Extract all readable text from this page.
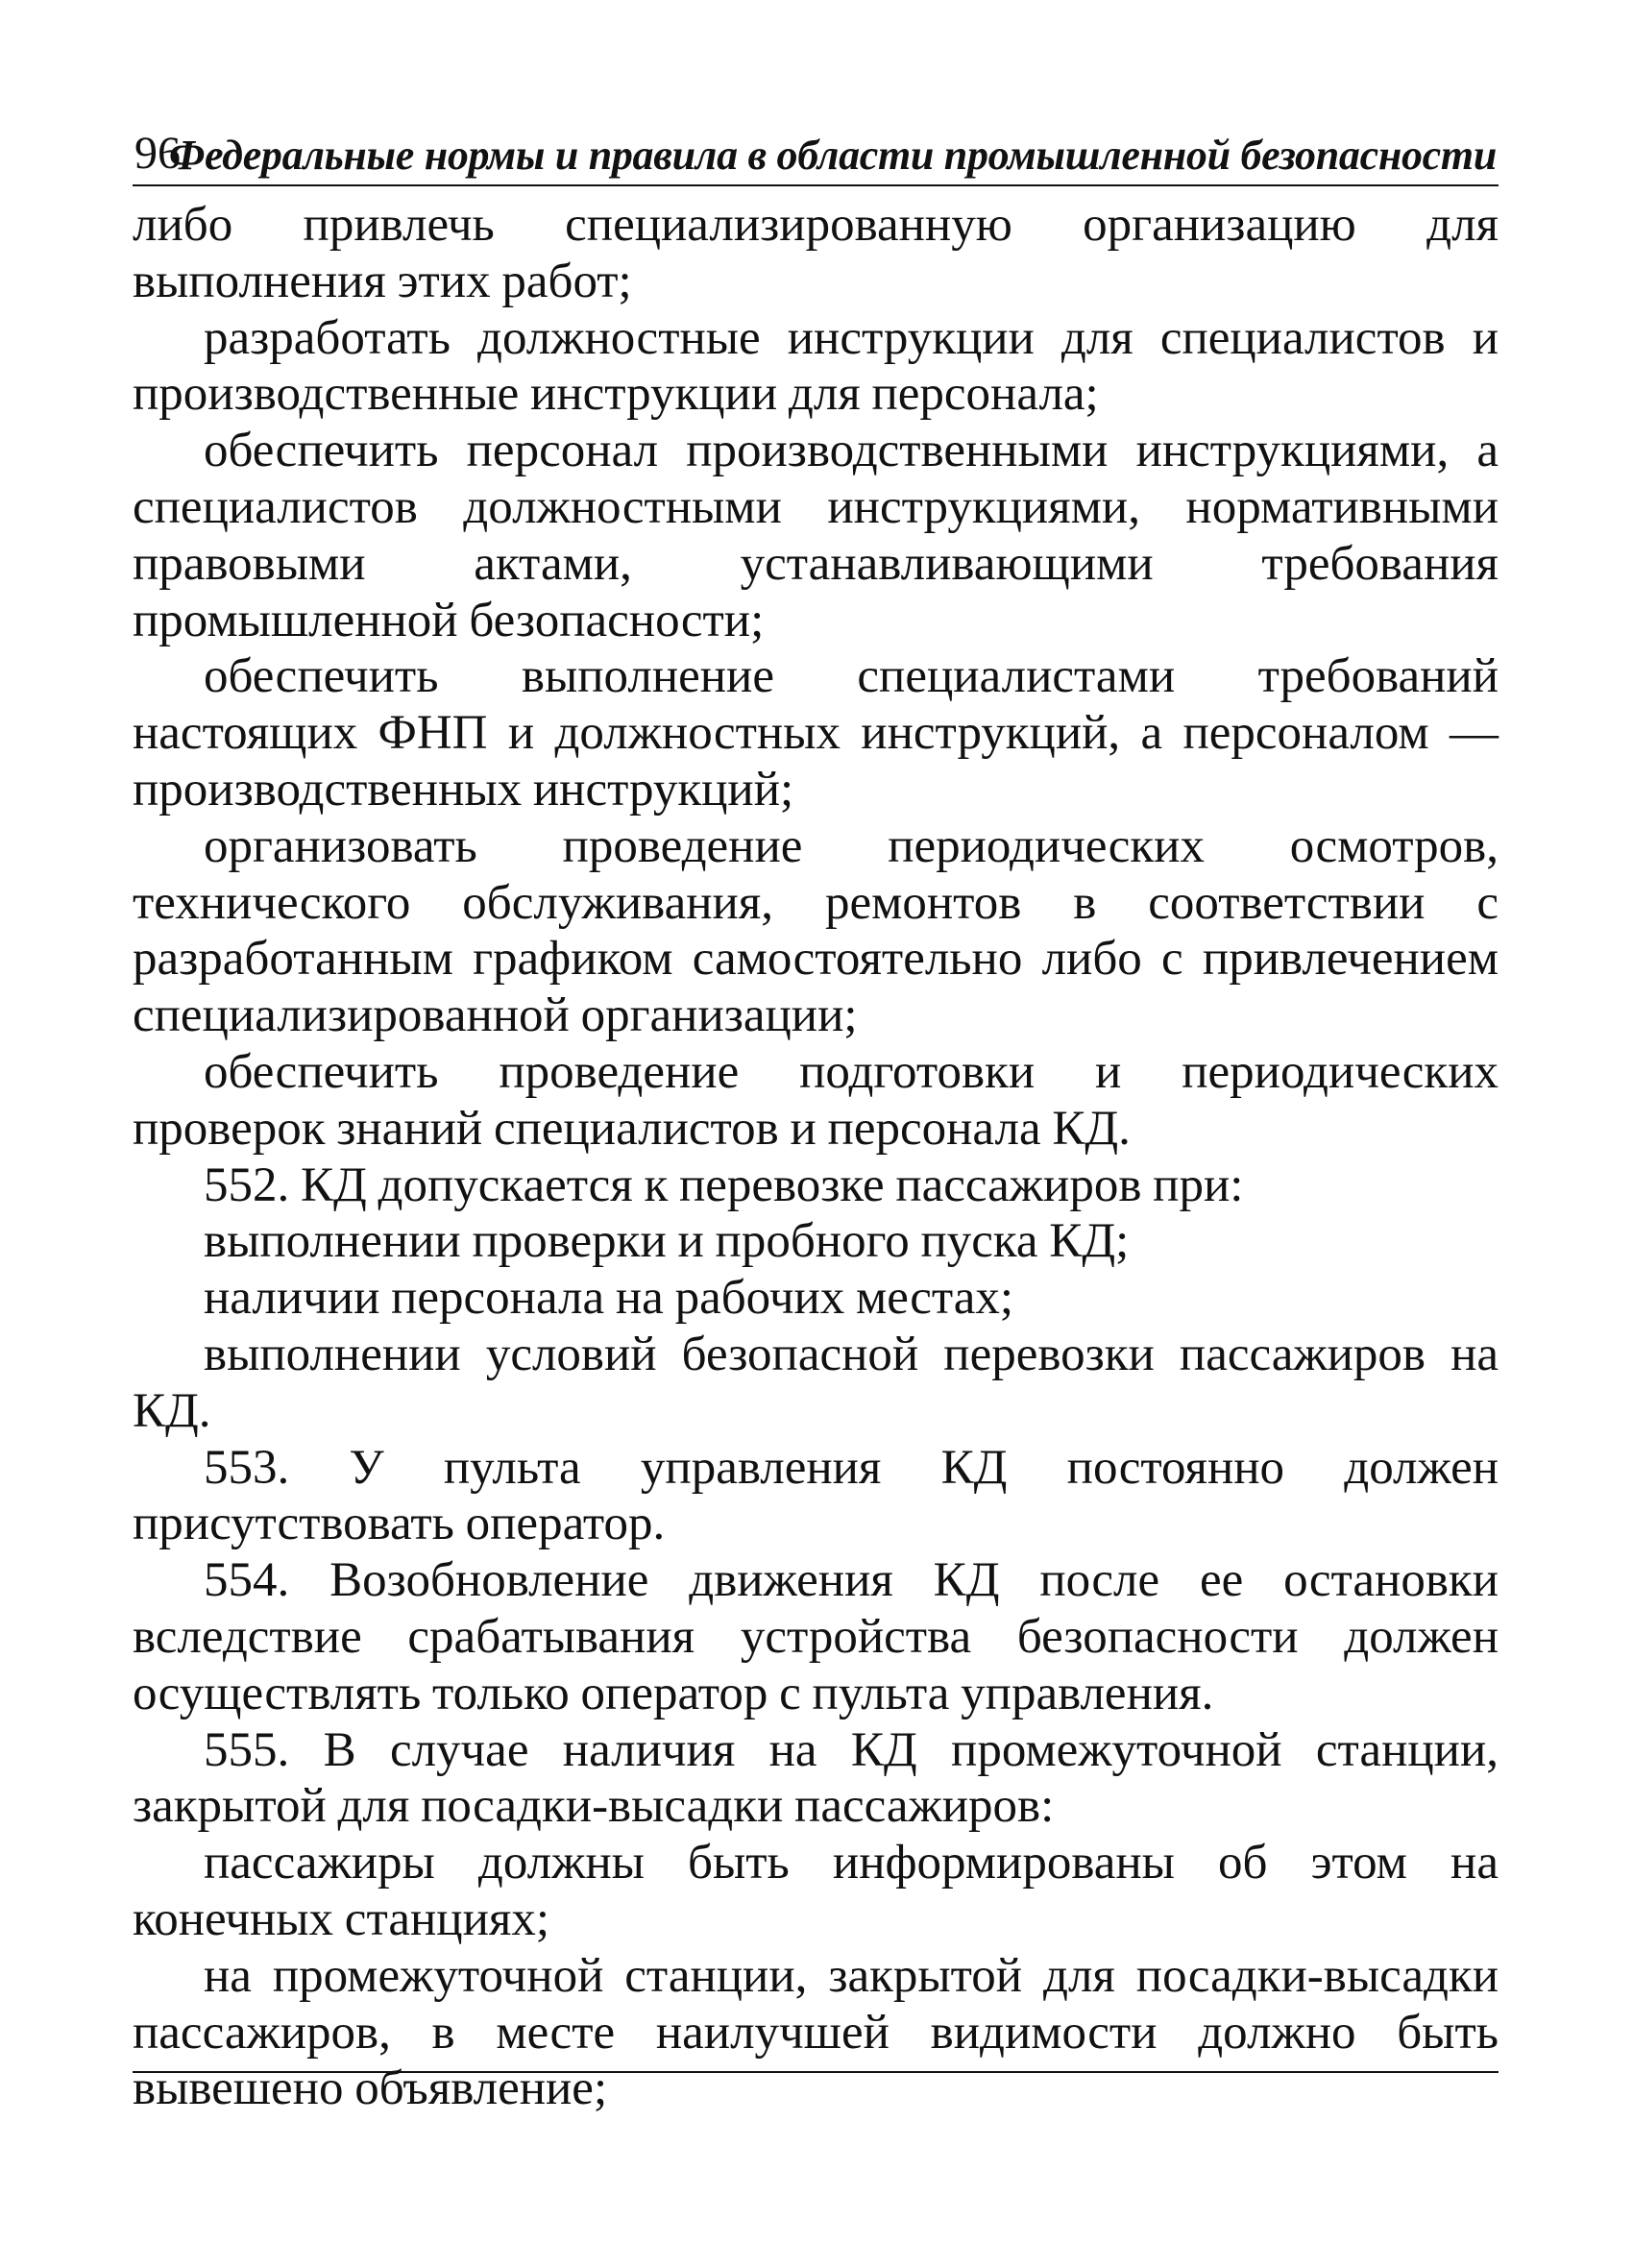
96
Федеральные нормы и правила в области промышленной безопасности

либо привлечь специализированную организацию для выполнения этих работ;

разработать должностные инструкции для специалистов и производственные инструкции для персонала;

обеспечить персонал производственными инструкциями, а специалистов должностными инструкциями, нормативными правовыми актами, устанавливающими требования промышленной безопасности;

обеспечить выполнение специалистами требований настоящих ФНП и должностных инструкций, а персоналом — производственных инструкций;

организовать проведение периодических осмотров, технического обслуживания, ремонтов в соответствии с разработанным графиком самостоятельно либо с привлечением специализированной организации;

обеспечить проведение подготовки и периодических проверок знаний специалистов и персонала КД.

552. КД допускается к перевозке пассажиров при:

выполнении проверки и пробного пуска КД;

наличии персонала на рабочих местах;

выполнении условий безопасной перевозки пассажиров на КД.

553. У пульта управления КД постоянно должен присутствовать оператор.

554. Возобновление движения КД после ее остановки вследствие срабатывания устройства безопасности должен осуществлять только оператор с пульта управления.

555. В случае наличия на КД промежуточной станции, закрытой для посадки-высадки пассажиров:

пассажиры должны быть информированы об этом на конечных станциях;

на промежуточной станции, закрытой для посадки-высадки пассажиров, в месте наилучшей видимости должно быть вывешено объявление;
